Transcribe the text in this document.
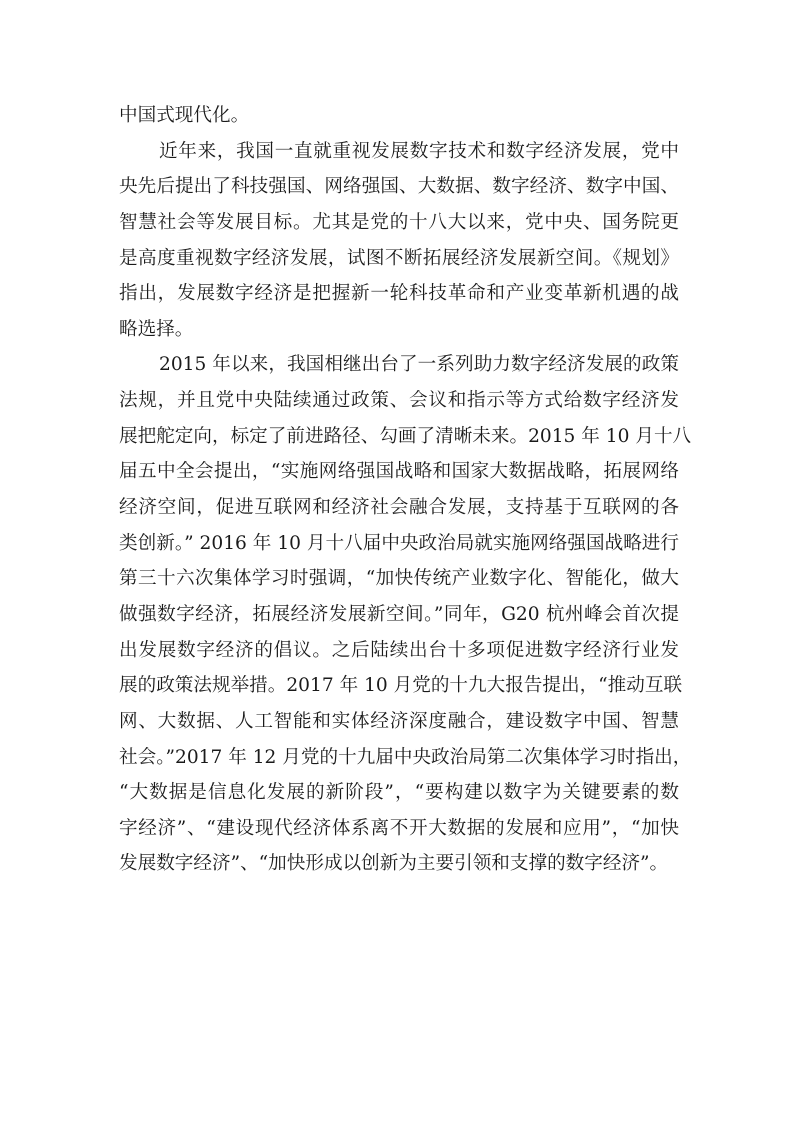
中国式现代化。
近年来，我国一直就重视发展数字技术和数字经济发展，党中
央先后提出了科技强国、网络强国、大数据、数字经济、数字中国、
智慧社会等发展目标。尤其是党的十八大以来，党中央、国务院更
是高度重视数字经济发展，试图不断拓展经济发展新空间。《规划》
指出，发展数字经济是把握新一轮科技革命和产业变革新机遇的战
略选择。
2015 年以来，我国相继出台了一系列助力数字经济发展的政策
法规，并且党中央陆续通过政策、会议和指示等方式给数字经济发
展把舵定向，标定了前进路径、勾画了清晰未来。2015 年 10 月十八
届五中全会提出，“实施网络强国战略和国家大数据战略，拓展网络
经济空间，促进互联网和经济社会融合发展，支持基于互联网的各
类创新。” 2016 年 10 月十八届中央政治局就实施网络强国战略进行
第三十六次集体学习时强调，“加快传统产业数字化、智能化，做大
做强数字经济，拓展经济发展新空间。”同年，G20 杭州峰会首次提
出发展数字经济的倡议。之后陆续出台十多项促进数字经济行业发
展的政策法规举措。2017 年 10 月党的十九大报告提出，“推动互联
网、大数据、人工智能和实体经济深度融合，建设数字中国、智慧
社会。”2017 年 12 月党的十九届中央政治局第二次集体学习时指出，
“大数据是信息化发展的新阶段”，“要构建以数字为关键要素的数
字经济”、“建设现代经济体系离不开大数据的发展和应用”，“加快
发展数字经济”、“加快形成以创新为主要引领和支撑的数字经济”。
